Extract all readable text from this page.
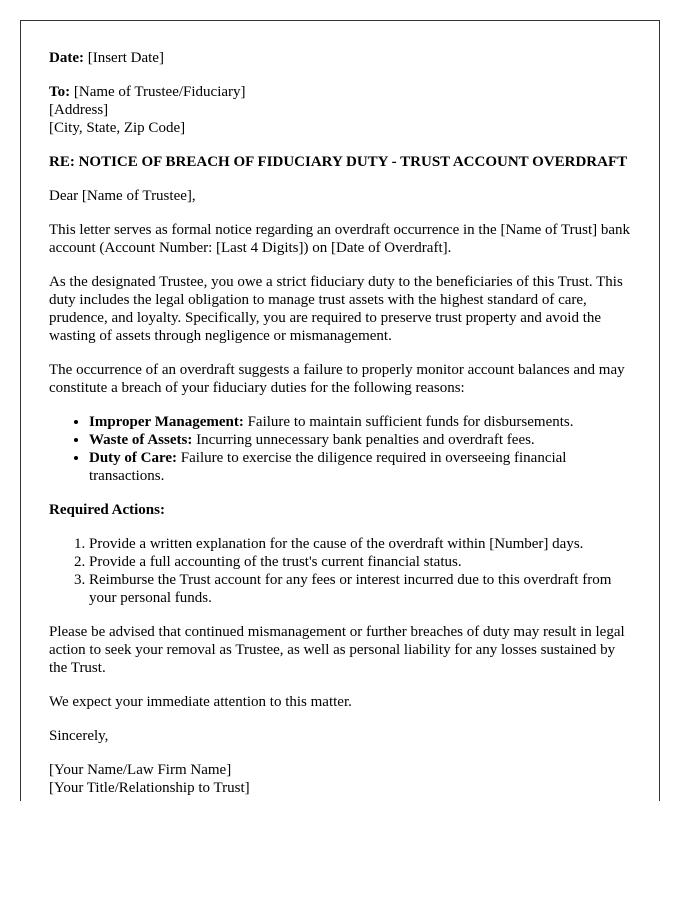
Date: [Insert Date]

To: [Name of Trustee/Fiduciary]
[Address]
[City, State, Zip Code]

RE: NOTICE OF BREACH OF FIDUCIARY DUTY - TRUST ACCOUNT OVERDRAFT

Dear [Name of Trustee],

This letter serves as formal notice regarding an overdraft occurrence in the [Name of Trust] bank account (Account Number: [Last 4 Digits]) on [Date of Overdraft].

As the designated Trustee, you owe a strict fiduciary duty to the beneficiaries of this Trust. This duty includes the legal obligation to manage trust assets with the highest standard of care, prudence, and loyalty. Specifically, you are required to preserve trust property and avoid the wasting of assets through negligence or mismanagement.

The occurrence of an overdraft suggests a failure to properly monitor account balances and may constitute a breach of your fiduciary duties for the following reasons:

• Improper Management: Failure to maintain sufficient funds for disbursements.
• Waste of Assets: Incurring unnecessary bank penalties and overdraft fees.
• Duty of Care: Failure to exercise the diligence required in overseeing financial transactions.

Required Actions:

1. Provide a written explanation for the cause of the overdraft within [Number] days.
2. Provide a full accounting of the trust's current financial status.
3. Reimburse the Trust account for any fees or interest incurred due to this overdraft from your personal funds.

Please be advised that continued mismanagement or further breaches of duty may result in legal action to seek your removal as Trustee, as well as personal liability for any losses sustained by the Trust.

We expect your immediate attention to this matter.

Sincerely,

[Your Name/Law Firm Name]
[Your Title/Relationship to Trust]
